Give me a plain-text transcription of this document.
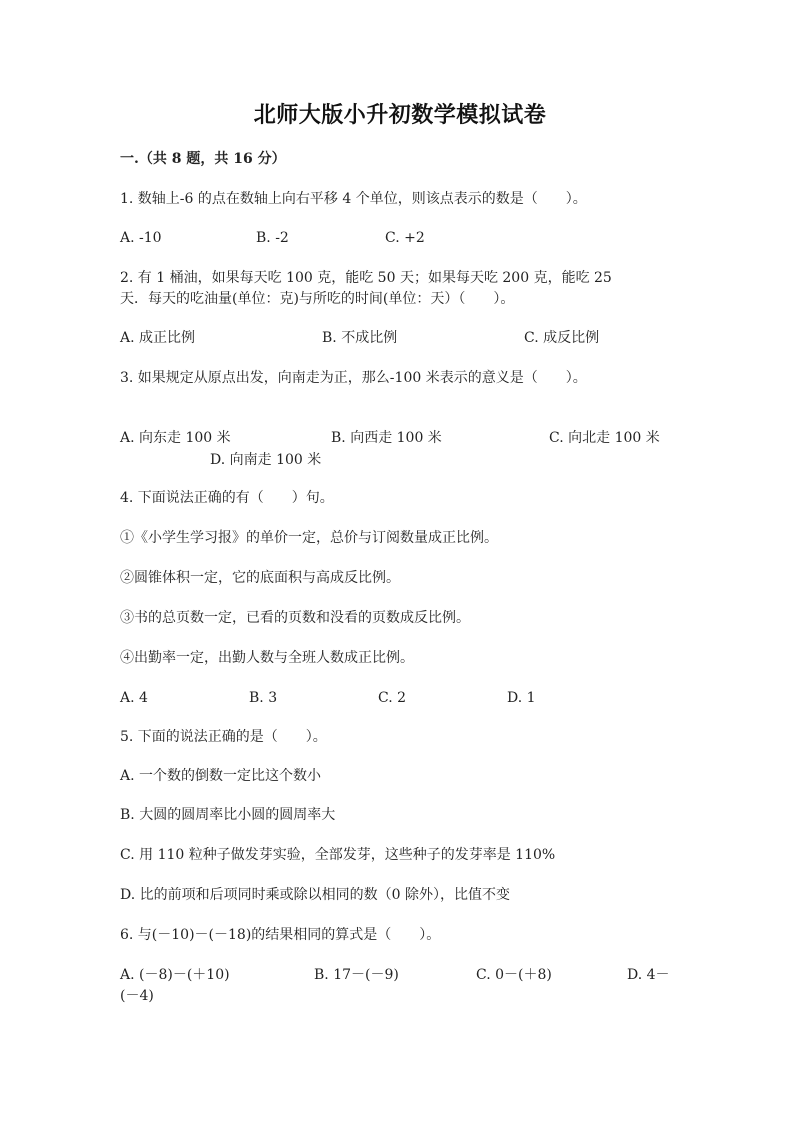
北师大版小升初数学模拟试卷
一.（共 8 题，共 16 分）
1. 数轴上-6 的点在数轴上向右平移 4 个单位，则该点表示的数是（　　）。
A. -10	B. -2	C. +2
2. 有 1 桶油，如果每天吃 100 克，能吃 50 天；如果每天吃 200 克，能吃 25
天．每天的吃油量(单位：克)与所吃的时间(单位：天）（　　）。
A. 成正比例	B. 不成比例	C. 成反比例
3. 如果规定从原点出发，向南走为正，那么-100 米表示的意义是（　　）。
A. 向东走 100 米	B. 向西走 100 米	C. 向北走 100 米
D. 向南走 100 米
4. 下面说法正确的有（　　）句。
①《小学生学习报》的单价一定，总价与订阅数量成正比例。
②圆锥体积一定，它的底面积与高成反比例。
③书的总页数一定，已看的页数和没看的页数成反比例。
④出勤率一定，出勤人数与全班人数成正比例。
A. 4	B. 3	C. 2	D. 1
5. 下面的说法正确的是（　　）。
A. 一个数的倒数一定比这个数小
B. 大圆的圆周率比小圆的圆周率大
C. 用 110 粒种子做发芽实验，全部发芽，这些种子的发芽率是 110%
D. 比的前项和后项同时乘或除以相同的数（0 除外），比值不变
6. 与(－10)－(－18)的结果相同的算式是（　　）。
A. (－8)－(＋10)	B. 17－(－9)	C. 0－(＋8)	D. 4－
(－4)
